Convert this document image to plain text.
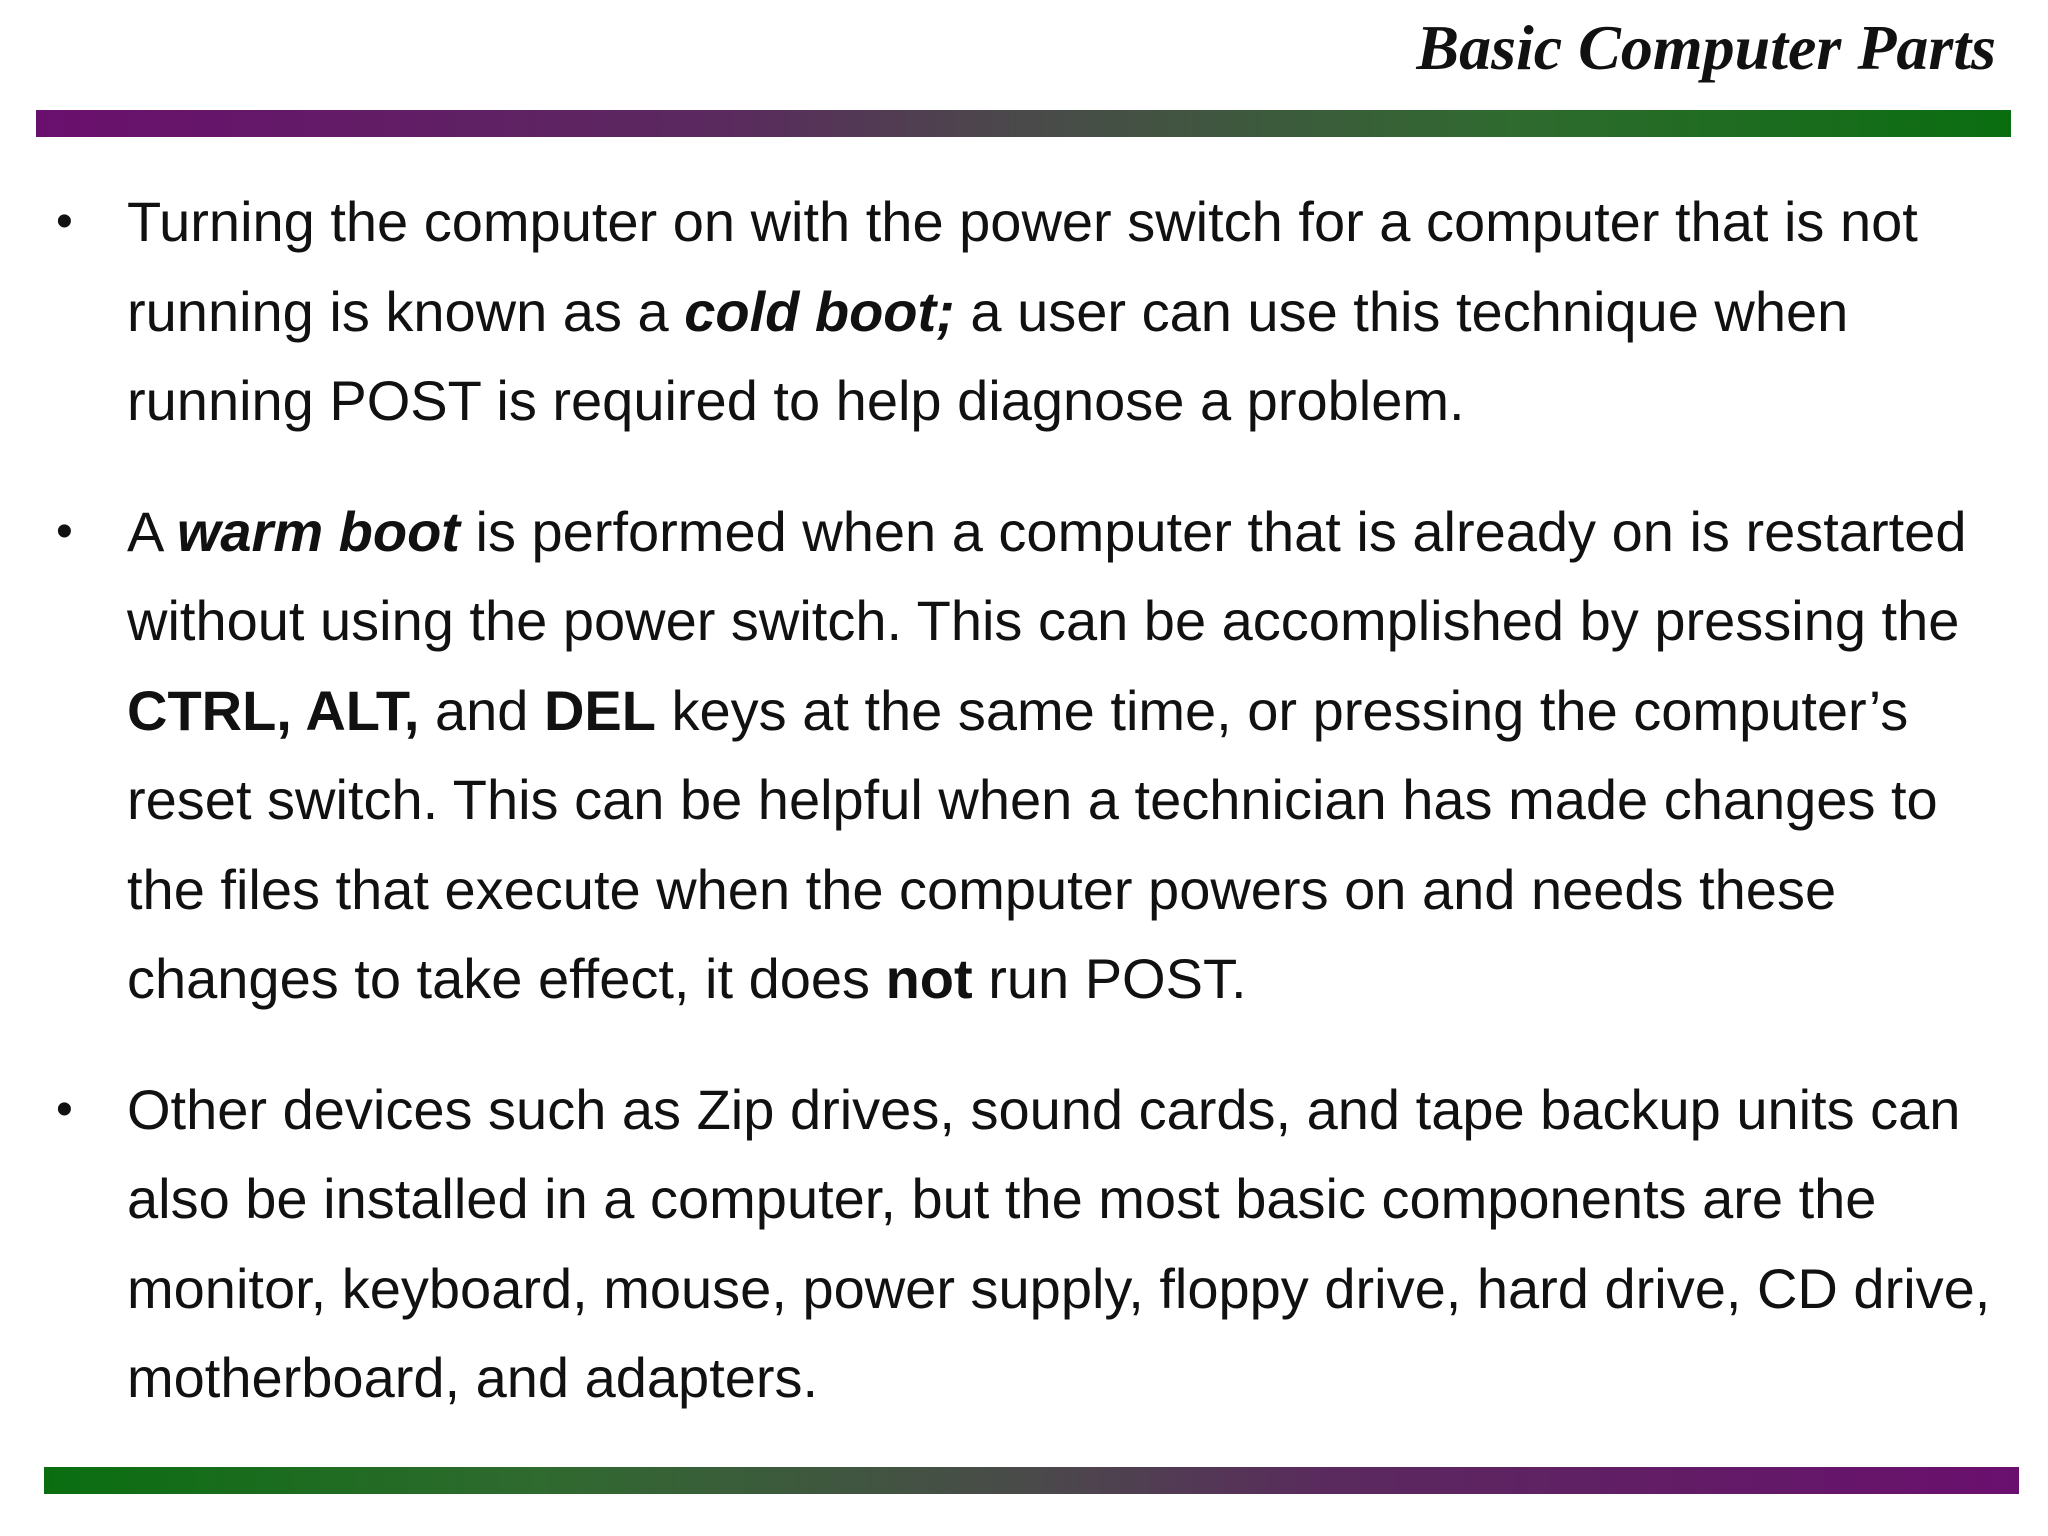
Basic Computer Parts
• Turning the computer on with the power switch for a computer that is not running is known as a cold boot; a user can use this technique when running POST is required to help diagnose a problem.
• A warm boot is performed when a computer that is already on is restarted without using the power switch. This can be accomplished by pressing the CTRL, ALT, and DEL keys at the same time, or pressing the computer’s reset switch. This can be helpful when a technician has made changes to the files that execute when the computer powers on and needs these changes to take effect, it does not run POST.
• Other devices such as Zip drives, sound cards, and tape backup units can also be installed in a computer, but the most basic components are the monitor, keyboard, mouse, power supply, floppy drive, hard drive, CD drive, motherboard, and adapters.
